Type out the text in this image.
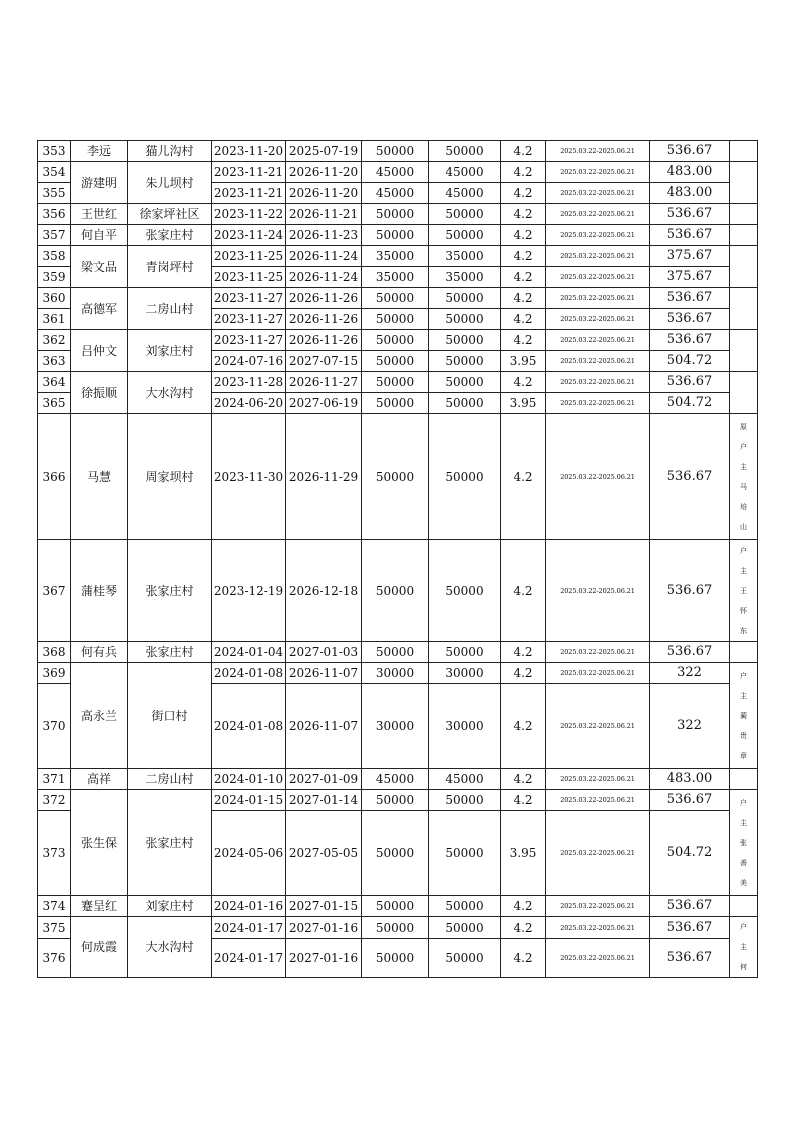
353	李远	猫儿沟村	2023-11-20	2025-07-19	50000	50000	4.2	2025.03.22-2025.06.21	536.67	
354	游建明	朱儿坝村	2023-11-21	2026-11-20	45000	45000	4.2	2025.03.22-2025.06.21	483.00	
355			2023-11-21	2026-11-20	45000	45000	4.2	2025.03.22-2025.06.21	483.00	
356	王世红	徐家坪社区	2023-11-22	2026-11-21	50000	50000	4.2	2025.03.22-2025.06.21	536.67	
357	何自平	张家庄村	2023-11-24	2026-11-23	50000	50000	4.2	2025.03.22-2025.06.21	536.67	
358	梁文品	青岗坪村	2023-11-25	2026-11-24	35000	35000	4.2	2025.03.22-2025.06.21	375.67	
359			2023-11-25	2026-11-24	35000	35000	4.2	2025.03.22-2025.06.21	375.67	
360	高德军	二房山村	2023-11-27	2026-11-26	50000	50000	4.2	2025.03.22-2025.06.21	536.67	
361			2023-11-27	2026-11-26	50000	50000	4.2	2025.03.22-2025.06.21	536.67	
362	吕仲文	刘家庄村	2023-11-27	2026-11-26	50000	50000	4.2	2025.03.22-2025.06.21	536.67	
363			2024-07-16	2027-07-15	50000	50000	3.95	2025.03.22-2025.06.21	504.72	
364	徐振顺	大水沟村	2023-11-28	2026-11-27	50000	50000	4.2	2025.03.22-2025.06.21	536.67	
365			2024-06-20	2027-06-19	50000	50000	3.95	2025.03.22-2025.06.21	504.72	
366	马慧	周家坝村	2023-11-30	2026-11-29	50000	50000	4.2	2025.03.22-2025.06.21	536.67	原户主马培山
367	蒲桂琴	张家庄村	2023-12-19	2026-12-18	50000	50000	4.2	2025.03.22-2025.06.21	536.67	户主王怀东
368	何有兵	张家庄村	2024-01-04	2027-01-03	50000	50000	4.2	2025.03.22-2025.06.21	536.67	
369	高永兰	街口村	2024-01-08	2026-11-07	30000	30000	4.2	2025.03.22-2025.06.21	322	户主蔺贵章
370			2024-01-08	2026-11-07	30000	30000	4.2	2025.03.22-2025.06.21	322	
371	高祥	二房山村	2024-01-10	2027-01-09	45000	45000	4.2	2025.03.22-2025.06.21	483.00	
372	张生保	张家庄村	2024-01-15	2027-01-14	50000	50000	4.2	2025.03.22-2025.06.21	536.67	户主张善美
373			2024-05-06	2027-05-05	50000	50000	3.95	2025.03.22-2025.06.21	504.72	
374	蹇呈红	刘家庄村	2024-01-16	2027-01-15	50000	50000	4.2	2025.03.22-2025.06.21	536.67	
375	何成霞	大水沟村	2024-01-17	2027-01-16	50000	50000	4.2	2025.03.22-2025.06.21	536.67	户主何
376			2024-01-17	2027-01-16	50000	50000	4.2	2025.03.22-2025.06.21	536.67	
